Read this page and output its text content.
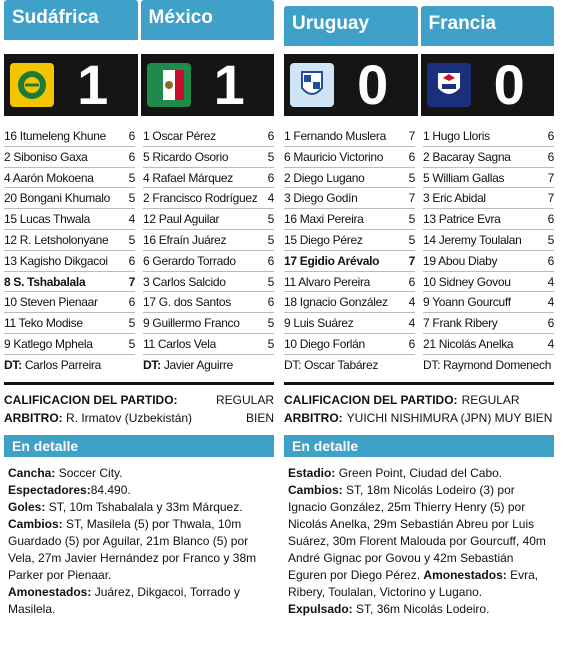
Sudáfrica	México
1	1
16 Itumeleng Khune 6
2 Siboniso Gaxa	6
4 Aarón Mokoena	5
20 Bongani Khumalo 5
15 Lucas Thwala	4
12 R. Letsholonyane 5
13 Kagisho Dikgacoi 6
8 S. Tshabalala	7
10 Steven Pienaar	6
11 Teko Modise	5
9 Katlego Mphela	5
DT: Carlos Parreira
1 Oscar Pérez	6
5 Ricardo Osorio	5
4 Rafael Márquez	6
2 Francisco Rodríguez 4
12 Paul Aguilar	5
16 Efraín Juárez	5
6 Gerardo Torrado	6
3 Carlos Salcido	5
17 G. dos Santos	6
9 Guillermo Franco 5
11 Carlos Vela	5
DT: Javier Aguirre
CALIFICACION DEL PARTIDO:	REGULAR
ARBITRO: R. Irmatov (Uzbekistán)	BIEN
En detalle
Cancha: Soccer City.
Espectadores:84.490.
Goles: ST, 10m Tshabalala y 33m Márquez.
Cambios: ST, Masilela (5) por Thwala, 10m Guardado (5) por Aguilar, 21m Blanco (5) por Vela, 27m Javier Hernández por Franco y 38m Parker por Pienaar.
Amonestados: Juárez, Dikgacoi, Torrado y Masilela.
Uruguay	Francia
0	0
1 Fernando Muslera 7
6 Mauricio Victorino 6
2 Diego Lugano	5
3 Diego Godín	7
16 Maxi Pereira	5
15 Diego Pérez	5
17 Egidio Arévalo 7
11 Alvaro Pereira	6
18 Ignacio González 4
9 Luis Suárez	4
10 Diego Forlán	6
DT: Oscar Tabárez
1 Hugo Lloris	6
2 Bacaray Sagna	6
5 William Gallas	7
3 Eric Abidal	7
13 Patrice Evra	6
14 Jeremy Toulalan 5
19 Abou Diaby	6
10 Sidney Govou	4
9 Yoann Gourcuff	4
7 Frank Ribery	6
21 Nicolás Anelka	4
DT: Raymond Domenech
CALIFICACION DEL PARTIDO: REGULAR
ARBITRO: YUICHI NISHIMURA (JPN) MUY BIEN
En detalle
Estadio: Green Point, Ciudad del Cabo.
Cambios: ST, 18m Nicolás Lodeiro (3) por Ignacio González, 25m Thierry Henry (5) por Nicolás Anelka, 29m Sebastián Abreu por Luis Suárez, 30m Florent Malouda por Gourcuff, 40m André Gignac por Govou y 42m Sebastián Eguren por Diego Pérez. Amonestados: Evra, Ribery, Toulalan, Victorino y Lugano. Expulsado: ST, 36m Nicolás Lodeiro.
